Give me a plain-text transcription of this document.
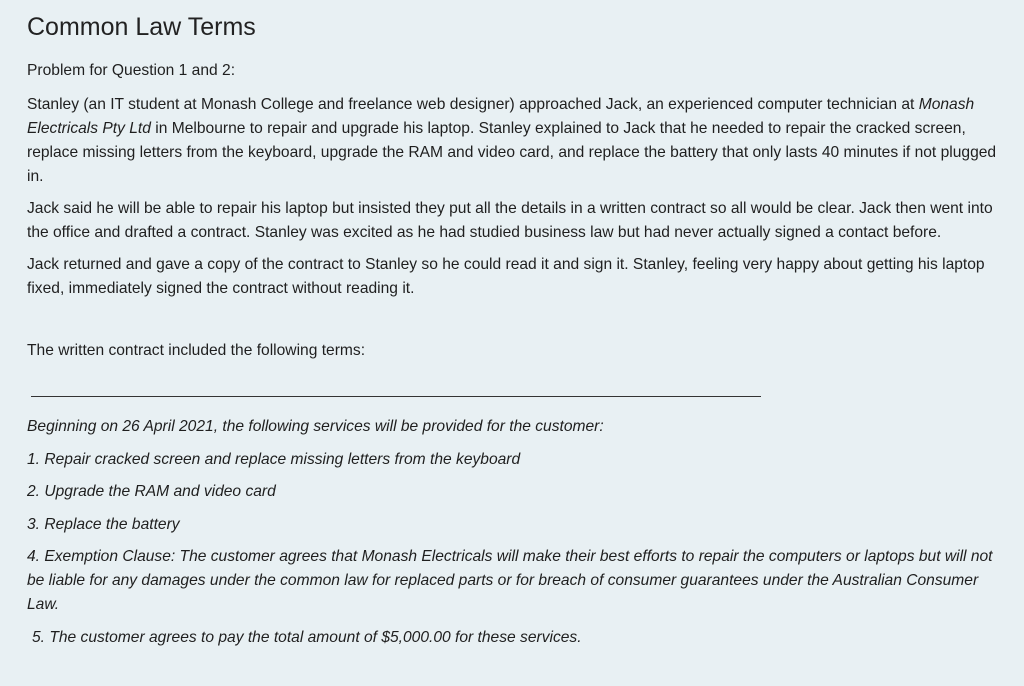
Common Law Terms

Problem for Question 1 and 2:

Stanley (an IT student at Monash College and freelance web designer) approached Jack, an experienced computer technician at Monash Electricals Pty Ltd in Melbourne to repair and upgrade his laptop. Stanley explained to Jack that he needed to repair the cracked screen, replace missing letters from the keyboard, upgrade the RAM and video card, and replace the battery that only lasts 40 minutes if not plugged in.

Jack said he will be able to repair his laptop but insisted they put all the details in a written contract so all would be clear. Jack then went into the office and drafted a contract. Stanley was excited as he had studied business law but had never actually signed a contact before.

Jack returned and gave a copy of the contract to Stanley so he could read it and sign it. Stanley, feeling very happy about getting his laptop fixed, immediately signed the contract without reading it.

The written contract included the following terms:

Beginning on 26 April 2021, the following services will be provided for the customer:

1. Repair cracked screen and replace missing letters from the keyboard

2. Upgrade the RAM and video card

3. Replace the battery

4. Exemption Clause: The customer agrees that Monash Electricals will make their best efforts to repair the computers or laptops but will not be liable for any damages under the common law for replaced parts or for breach of consumer guarantees under the Australian Consumer Law.

5. The customer agrees to pay the total amount of $5,000.00 for these services.
